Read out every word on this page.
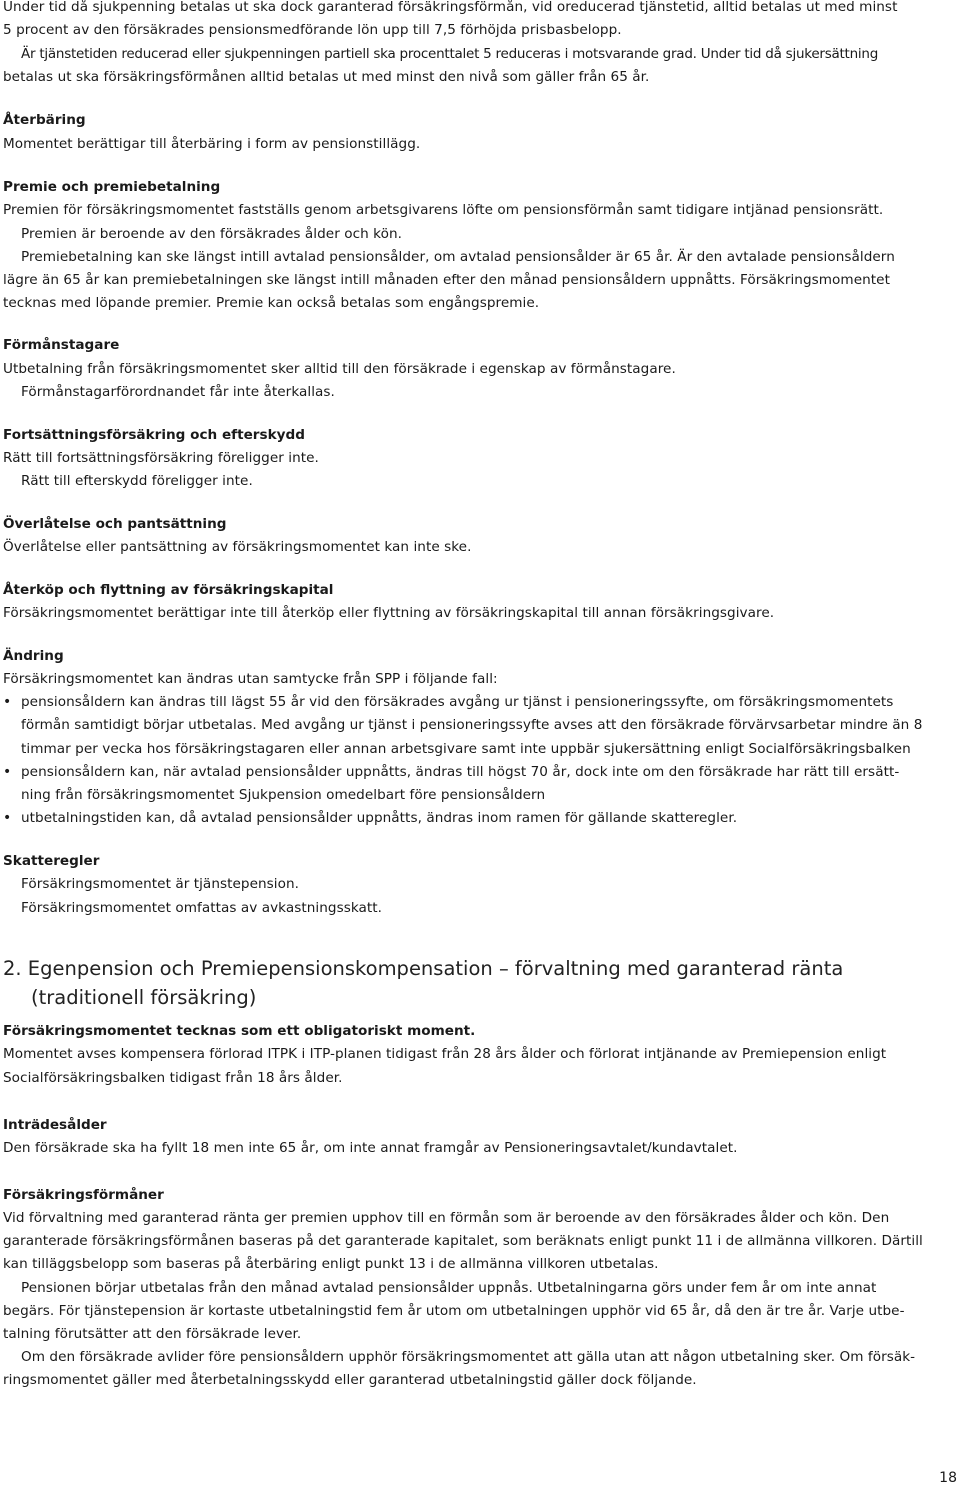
Under tid då sjukpenning betalas ut ska dock garanterad försäkringsförmån, vid oreducerad tjänstetid, alltid betalas ut med minst
5 procent av den försäkrades pensionsmedförande lön upp till 7,5 förhöjda prisbasbelopp.
Är tjänstetiden reducerad eller sjukpenningen partiell ska procenttalet 5 reduceras i motsvarande grad. Under tid då sjukersättning
betalas ut ska försäkringsförmånen alltid betalas ut med minst den nivå som gäller från 65 år.
Återbäring
Momentet berättigar till återbäring i form av pensionstillägg.
Premie och premiebetalning
Premien för försäkringsmomentet fastställs genom arbetsgivarens löfte om pensionsförmån samt tidigare intjänad pensionsrätt.
Premien är beroende av den försäkrades ålder och kön.
Premiebetalning kan ske längst intill avtalad pensionsålder, om avtalad pensionsålder är 65 år. Är den avtalade pensionsåldern
lägre än 65 år kan premiebetalningen ske längst intill månaden efter den månad pensionsåldern uppnåtts. Försäkringsmomentet
tecknas med löpande premier. Premie kan också betalas som engångspremie.
Förmånstagare
Utbetalning från försäkringsmomentet sker alltid till den försäkrade i egenskap av förmånstagare.
Förmånstagarförordnandet får inte återkallas.
Fortsättningsförsäkring och efterskydd
Rätt till fortsättningsförsäkring föreligger inte.
Rätt till efterskydd föreligger inte.
Överlåtelse och pantsättning
Överlåtelse eller pantsättning av försäkringsmomentet kan inte ske.
Återköp och flyttning av försäkringskapital
Försäkringsmomentet berättigar inte till återköp eller flyttning av försäkringskapital till annan försäkringsgivare.
Ändring
Försäkringsmomentet kan ändras utan samtycke från SPP i följande fall:
• pensionsåldern kan ändras till lägst 55 år vid den försäkrades avgång ur tjänst i pensioneringssyfte, om försäkringsmomentets
förmån samtidigt börjar utbetalas. Med avgång ur tjänst i pensioneringssyfte avses att den försäkrade förvärvsarbetar mindre än 8
timmar per vecka hos försäkringstagaren eller annan arbetsgivare samt inte uppbär sjukersättning enligt Socialförsäkringsbalken
• pensionsåldern kan, när avtalad pensionsålder uppnåtts, ändras till högst 70 år, dock inte om den försäkrade har rätt till ersätt-
ning från försäkringsmomentet Sjukpension omedelbart före pensionsåldern
• utbetalningstiden kan, då avtalad pensionsålder uppnåtts, ändras inom ramen för gällande skatteregler.
Skatteregler
Försäkringsmomentet är tjänstepension.
Försäkringsmomentet omfattas av avkastningsskatt.
2. Egenpension och Premiepensionskompensation – förvaltning med garanterad ränta
(traditionell försäkring)
Försäkringsmomentet tecknas som ett obligatoriskt moment.
Momentet avses kompensera förlorad ITPK i ITP-planen tidigast från 28 års ålder och förlorat intjänande av Premiepension enligt
Socialförsäkringsbalken tidigast från 18 års ålder.
Inträdesålder
Den försäkrade ska ha fyllt 18 men inte 65 år, om inte annat framgår av Pensioneringsavtalet/kundavtalet.
Försäkringsförmåner
Vid förvaltning med garanterad ränta ger premien upphov till en förmån som är beroende av den försäkrades ålder och kön. Den
garanterade försäkringsförmånen baseras på det garanterade kapitalet, som beräknats enligt punkt 11 i de allmänna villkoren. Därtill
kan tilläggsbelopp som baseras på återbäring enligt punkt 13 i de allmänna villkoren utbetalas.
Pensionen börjar utbetalas från den månad avtalad pensionsålder uppnås. Utbetalningarna görs under fem år om inte annat
begärs. För tjänstepension är kortaste utbetalningstid fem år utom om utbetalningen upphör vid 65 år, då den är tre år. Varje utbe-
talning förutsätter att den försäkrade lever.
Om den försäkrade avlider före pensionsåldern upphör försäkringsmomentet att gälla utan att någon utbetalning sker. Om försäk-
ringsmomentet gäller med återbetalningsskydd eller garanterad utbetalningstid gäller dock följande.
18
